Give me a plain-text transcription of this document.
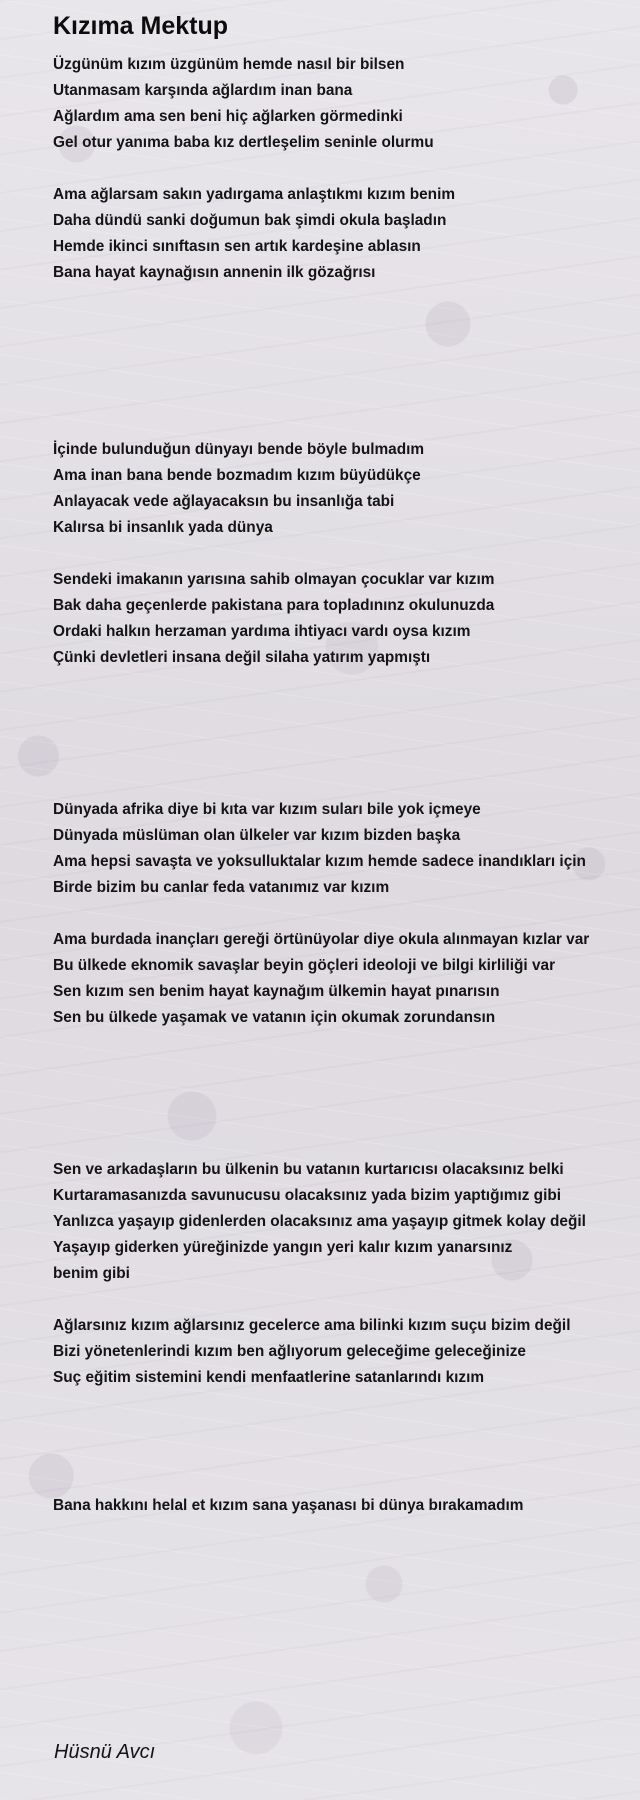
Kızıma Mektup
Üzgünüm kızım üzgünüm hemde nasıl bir bilsen
Utanmasam karşında ağlardım inan bana
Ağlardım ama sen beni hiç ağlarken görmedinki
Gel otur yanıma baba kız dertleşelim seninle olurmu
Ama ağlarsam sakın yadırgama anlaştıkmı kızım benim
Daha dündü sanki doğumun bak şimdi okula başladın
Hemde ikinci sınıftasın sen artık kardeşine ablasın
Bana hayat kaynağısın annenin ilk gözağrısı
İçinde bulunduğun dünyayı bende böyle bulmadım
Ama inan bana bende bozmadım kızım büyüdükçe
Anlayacak vede ağlayacaksın bu insanlığa tabi
Kalırsa bi insanlık yada dünya
Sendeki imakanın yarısına sahib olmayan çocuklar var kızım
Bak daha geçenlerde pakistana para topladınınz okulunuzda
Ordaki halkın herzaman yardıma ihtiyacı vardı oysa kızım
Çünki devletleri insana değil silaha yatırım yapmıştı
Dünyada afrika diye bi kıta var kızım suları bile yok içmeye
Dünyada müslüman olan ülkeler var kızım bizden başka
Ama hepsi savaşta ve yoksulluktalar kızım hemde sadece inandıkları için
Birde bizim bu canlar feda vatanımız var kızım
Ama burdada inançları gereği örtünüyolar diye okula alınmayan kızlar var
Bu ülkede eknomik savaşlar beyin göçleri ideoloji ve bilgi kirliliği var
Sen kızım sen benim hayat kaynağım ülkemin hayat pınarısın
Sen bu ülkede yaşamak ve vatanın için okumak zorundansın
Sen ve arkadaşların bu ülkenin bu vatanın kurtarıcısı olacaksınız belki
Kurtaramasanızda savunucusu olacaksınız yada bizim yaptığımız gibi
Yanlızca yaşayıp gidenlerden olacaksınız ama yaşayıp gitmek kolay değil
Yaşayıp giderken yüreğinizde yangın yeri kalır kızım yanarsınız
benim gibi
Ağlarsınız kızım ağlarsınız gecelerce ama bilinki kızım suçu bizim değil
Bizi yönetenlerindi kızım ben ağlıyorum geleceğime geleceğinize
Suç eğitim sistemini kendi menfaatlerine satanlarındı kızım
Bana hakkını helal et kızım sana yaşanası bi dünya bırakamadım
Hüsnü Avcı
